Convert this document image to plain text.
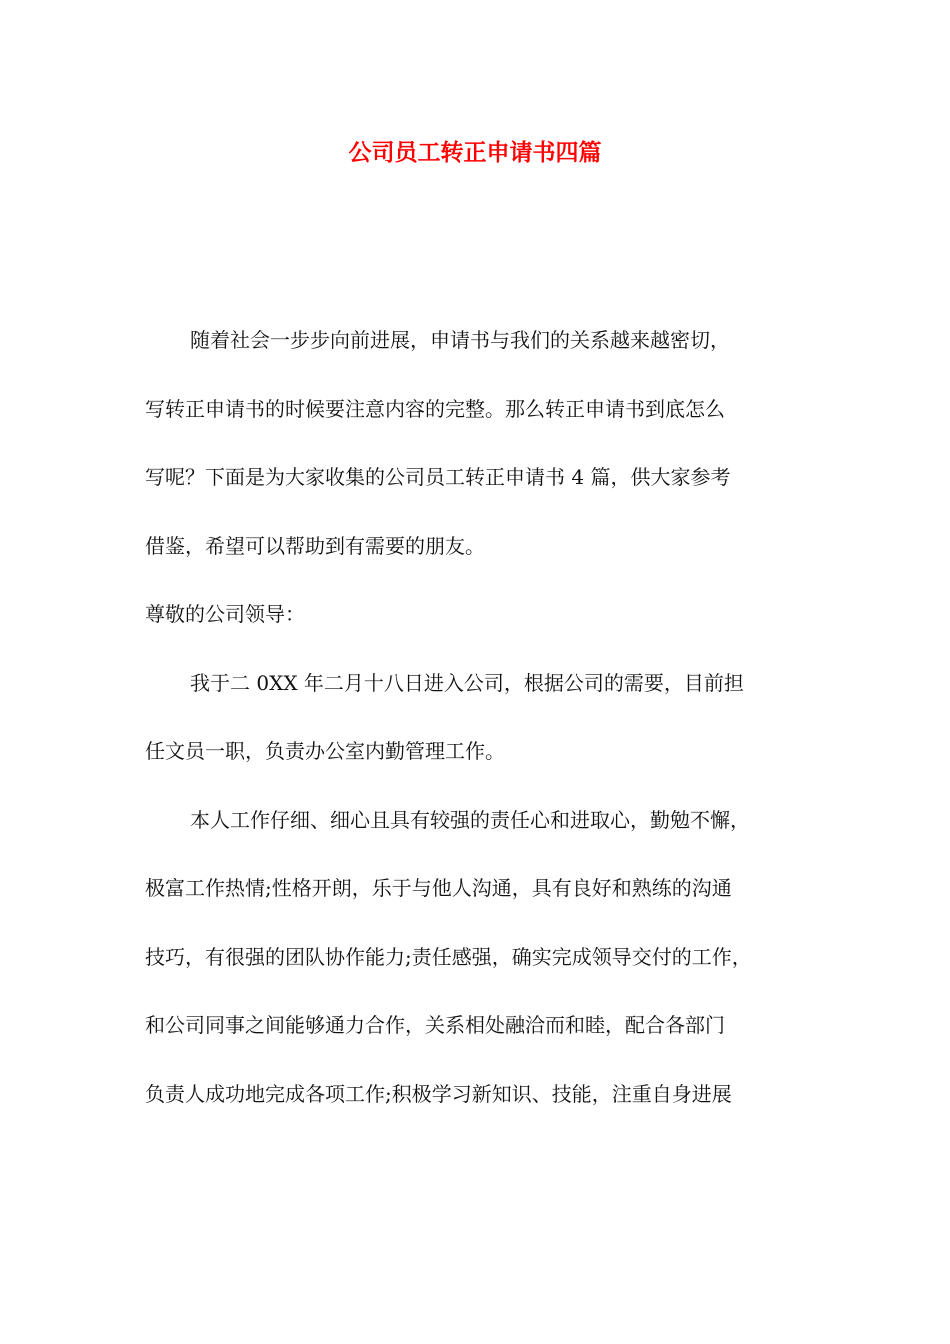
公司员工转正申请书四篇

随着社会一步步向前进展，申请书与我们的关系越来越密切，

写转正申请书的时候要注意内容的完整。那么转正申请书到底怎么

写呢？下面是为大家收集的公司员工转正申请书 4 篇，供大家参考

借鉴，希望可以帮助到有需要的朋友。

尊敬的公司领导：

我于二 0XX 年二月十八日进入公司，根据公司的需要，目前担

任文员一职，负责办公室内勤管理工作。

本人工作仔细、细心且具有较强的责任心和进取心，勤勉不懈，

极富工作热情;性格开朗，乐于与他人沟通，具有良好和熟练的沟通

技巧，有很强的团队协作能力;责任感强，确实完成领导交付的工作，

和公司同事之间能够通力合作，关系相处融洽而和睦，配合各部门

负责人成功地完成各项工作;积极学习新知识、技能，注重自身进展
